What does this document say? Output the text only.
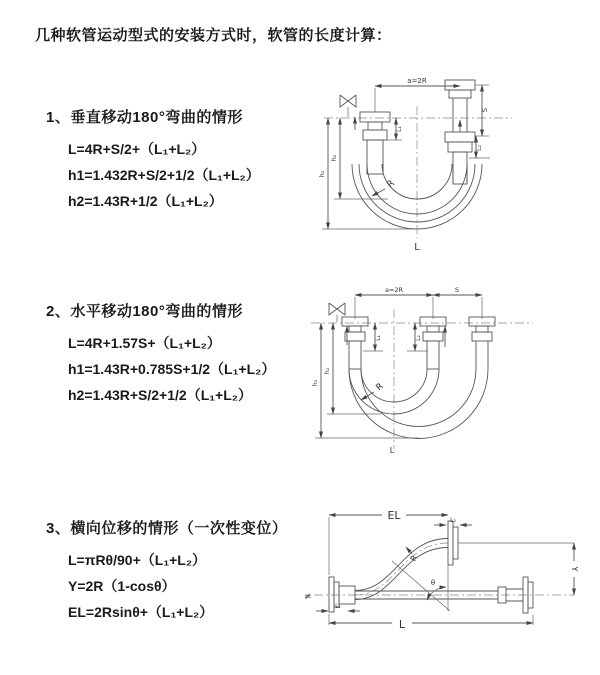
几种软管运动型式的安装方式时，软管的长度计算：
1、垂直移动180°弯曲的情形
L=4R+S/2+（L₁+L₂）
h1=1.432R+S/2+1/2（L₁+L₂）
h2=1.43R+1/2（L₁+L₂）
2、水平移动180°弯曲的情形
L=4R+1.57S+（L₁+L₂）
h1=1.43R+0.785S+1/2（L₁+L₂）
h2=1.43R+S/2+1/2（L₁+L₂）
3、横向位移的情形（一次性变位）
L=πRθ/90+（L₁+L₂）
Y=2R（1-cosθ）
EL=2Rsinθ+（L₁+L₂）
a=2R
S
L₂
L₁
h₁
h₂
R
L
a=2R	S
L₁	L₂
h₁
h₂
R
L
≠
EL	L₂
θ
R
Y
L₁
L
